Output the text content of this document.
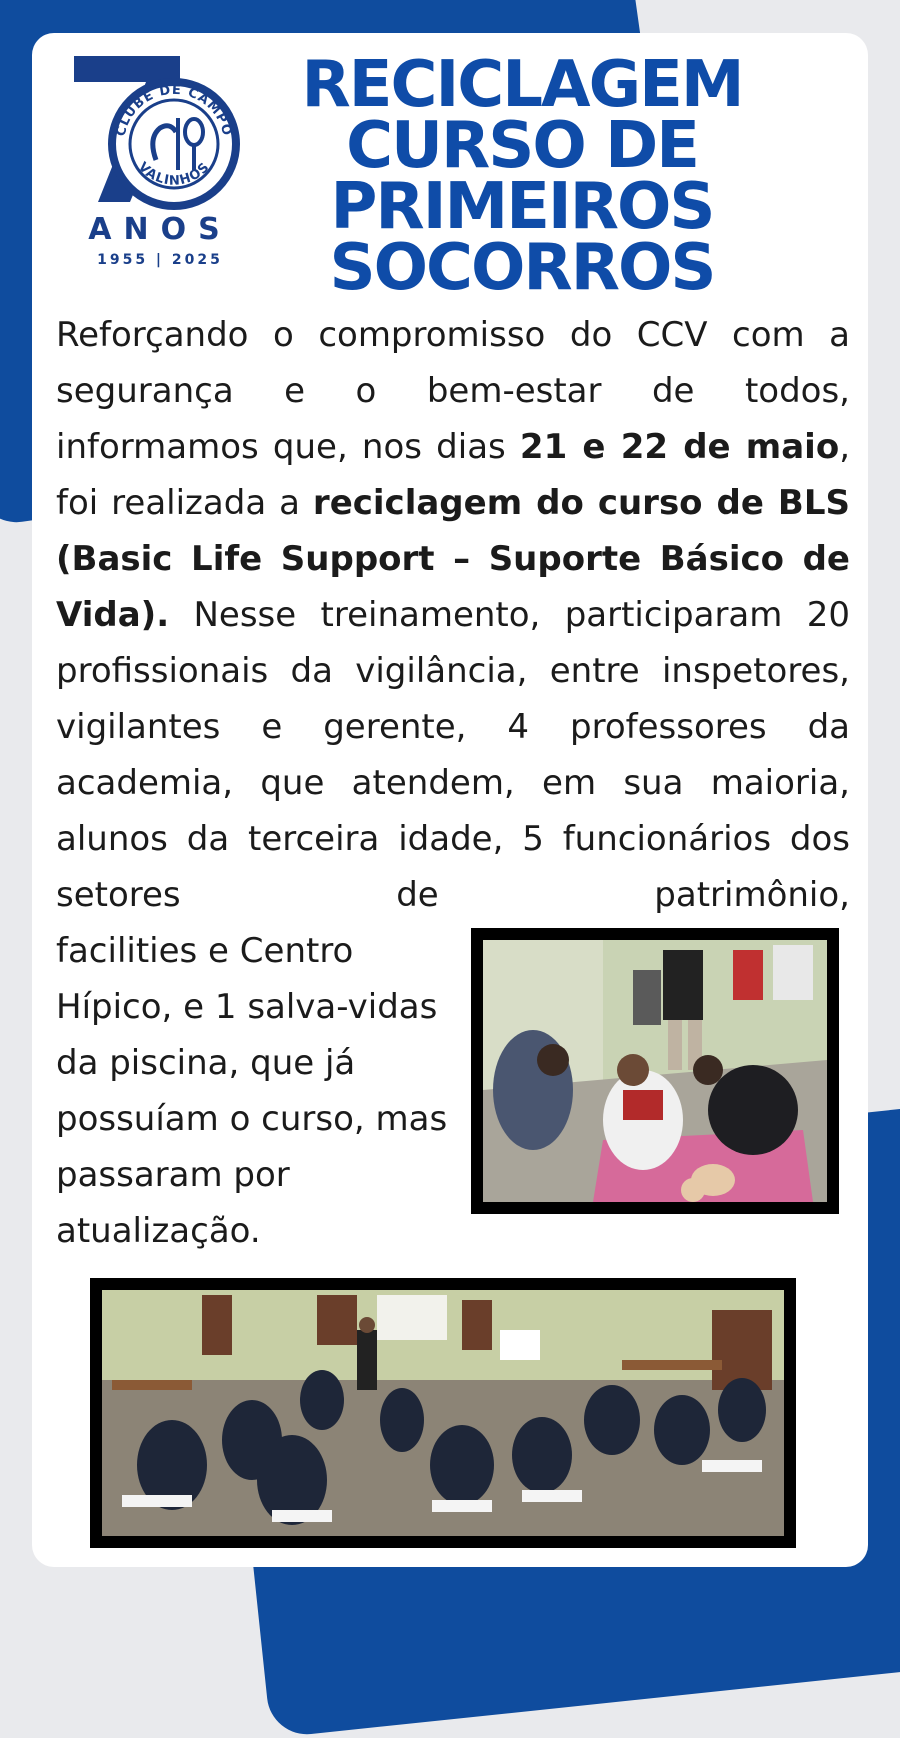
CLUBE DE CAMPO
VALINHOS
ANOS
1955 | 2025
RECICLAGEM
CURSO DE
PRIMEIROS
SOCORROS

Reforçando o compromisso do CCV com a segurança e o bem-estar de todos, informamos que, nos dias 21 e 22 de maio, foi realizada a reciclagem do curso de BLS (Basic Life Support – Suporte Básico de Vida). Nesse treinamento, participaram 20 profissionais da vigilância, entre inspetores, vigilantes e gerente, 4 professores da academia, que atendem, em sua maioria, alunos da terceira idade, 5 funcionários dos setores de patrimônio,

facilities e Centro Hípico, e 1 salva-vidas da piscina, que já possuíam o curso, mas passaram por atualização.
